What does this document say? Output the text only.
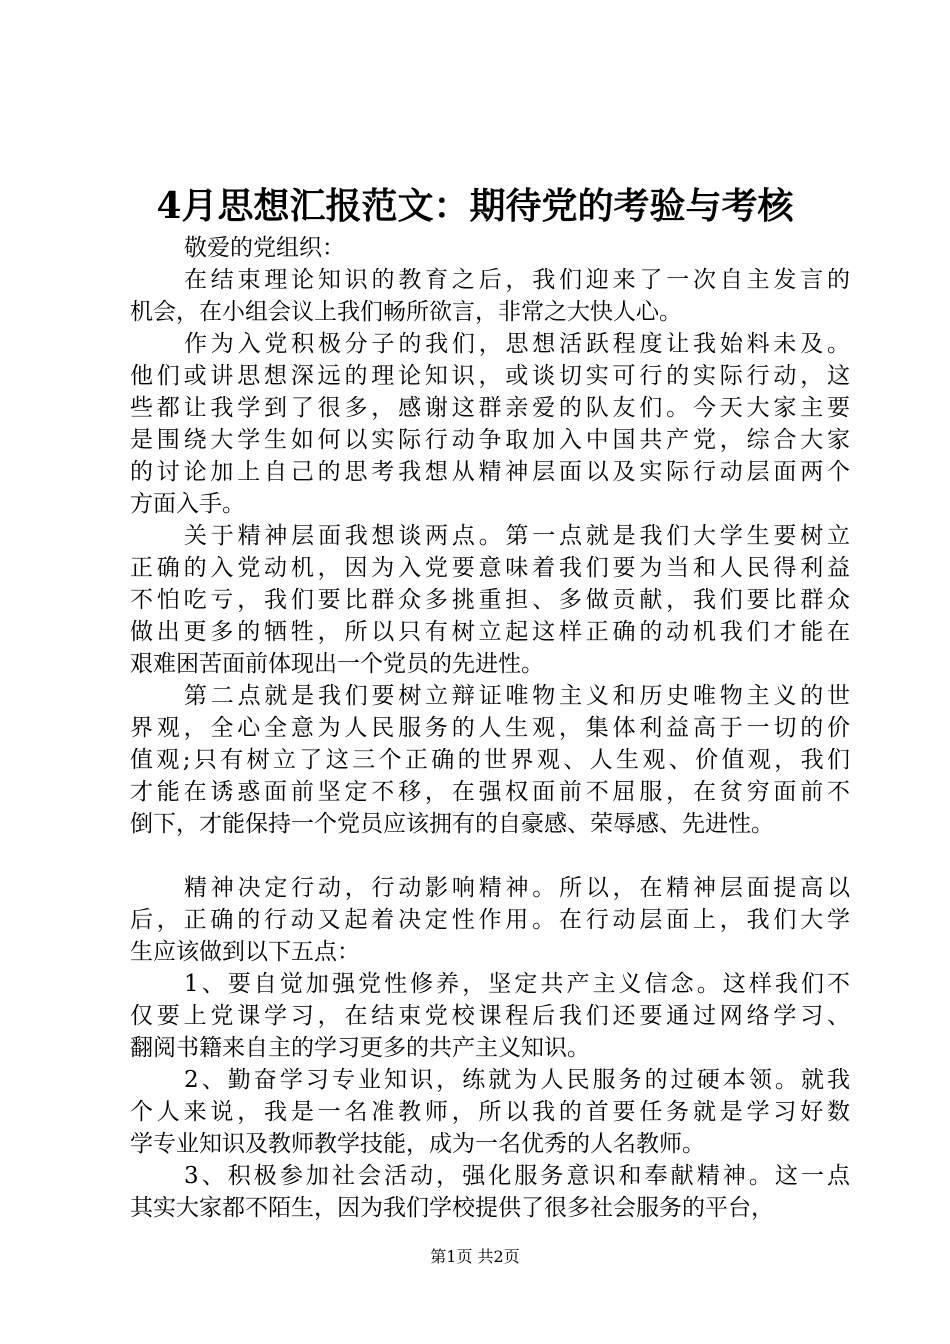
4月思想汇报范文：期待党的考验与考核
敬爱的党组织：
在结束理论知识的教育之后，我们迎来了一次自主发言的
机会，在小组会议上我们畅所欲言，非常之大快人心。
作为入党积极分子的我们，思想活跃程度让我始料未及。
他们或讲思想深远的理论知识，或谈切实可行的实际行动，这
些都让我学到了很多，感谢这群亲爱的队友们。今天大家主要
是围绕大学生如何以实际行动争取加入中国共产党，综合大家
的讨论加上自己的思考我想从精神层面以及实际行动层面两个
方面入手。
关于精神层面我想谈两点。第一点就是我们大学生要树立
正确的入党动机，因为入党要意味着我们要为当和人民得利益
不怕吃亏，我们要比群众多挑重担、多做贡献，我们要比群众
做出更多的牺牲，所以只有树立起这样正确的动机我们才能在
艰难困苦面前体现出一个党员的先进性。
第二点就是我们要树立辩证唯物主义和历史唯物主义的世
界观，全心全意为人民服务的人生观，集体利益高于一切的价
值观;只有树立了这三个正确的世界观、人生观、价值观，我们
才能在诱惑面前坚定不移，在强权面前不屈服，在贫穷面前不
倒下，才能保持一个党员应该拥有的自豪感、荣辱感、先进性。
精神决定行动，行动影响精神。所以，在精神层面提高以
后，正确的行动又起着决定性作用。在行动层面上，我们大学
生应该做到以下五点：
1、要自觉加强党性修养，坚定共产主义信念。这样我们不
仅要上党课学习，在结束党校课程后我们还要通过网络学习、
翻阅书籍来自主的学习更多的共产主义知识。
2、勤奋学习专业知识，练就为人民服务的过硬本领。就我
个人来说，我是一名准教师，所以我的首要任务就是学习好数
学专业知识及教师教学技能，成为一名优秀的人名教师。
3、积极参加社会活动，强化服务意识和奉献精神。这一点
其实大家都不陌生，因为我们学校提供了很多社会服务的平台，
第1页 共2页
